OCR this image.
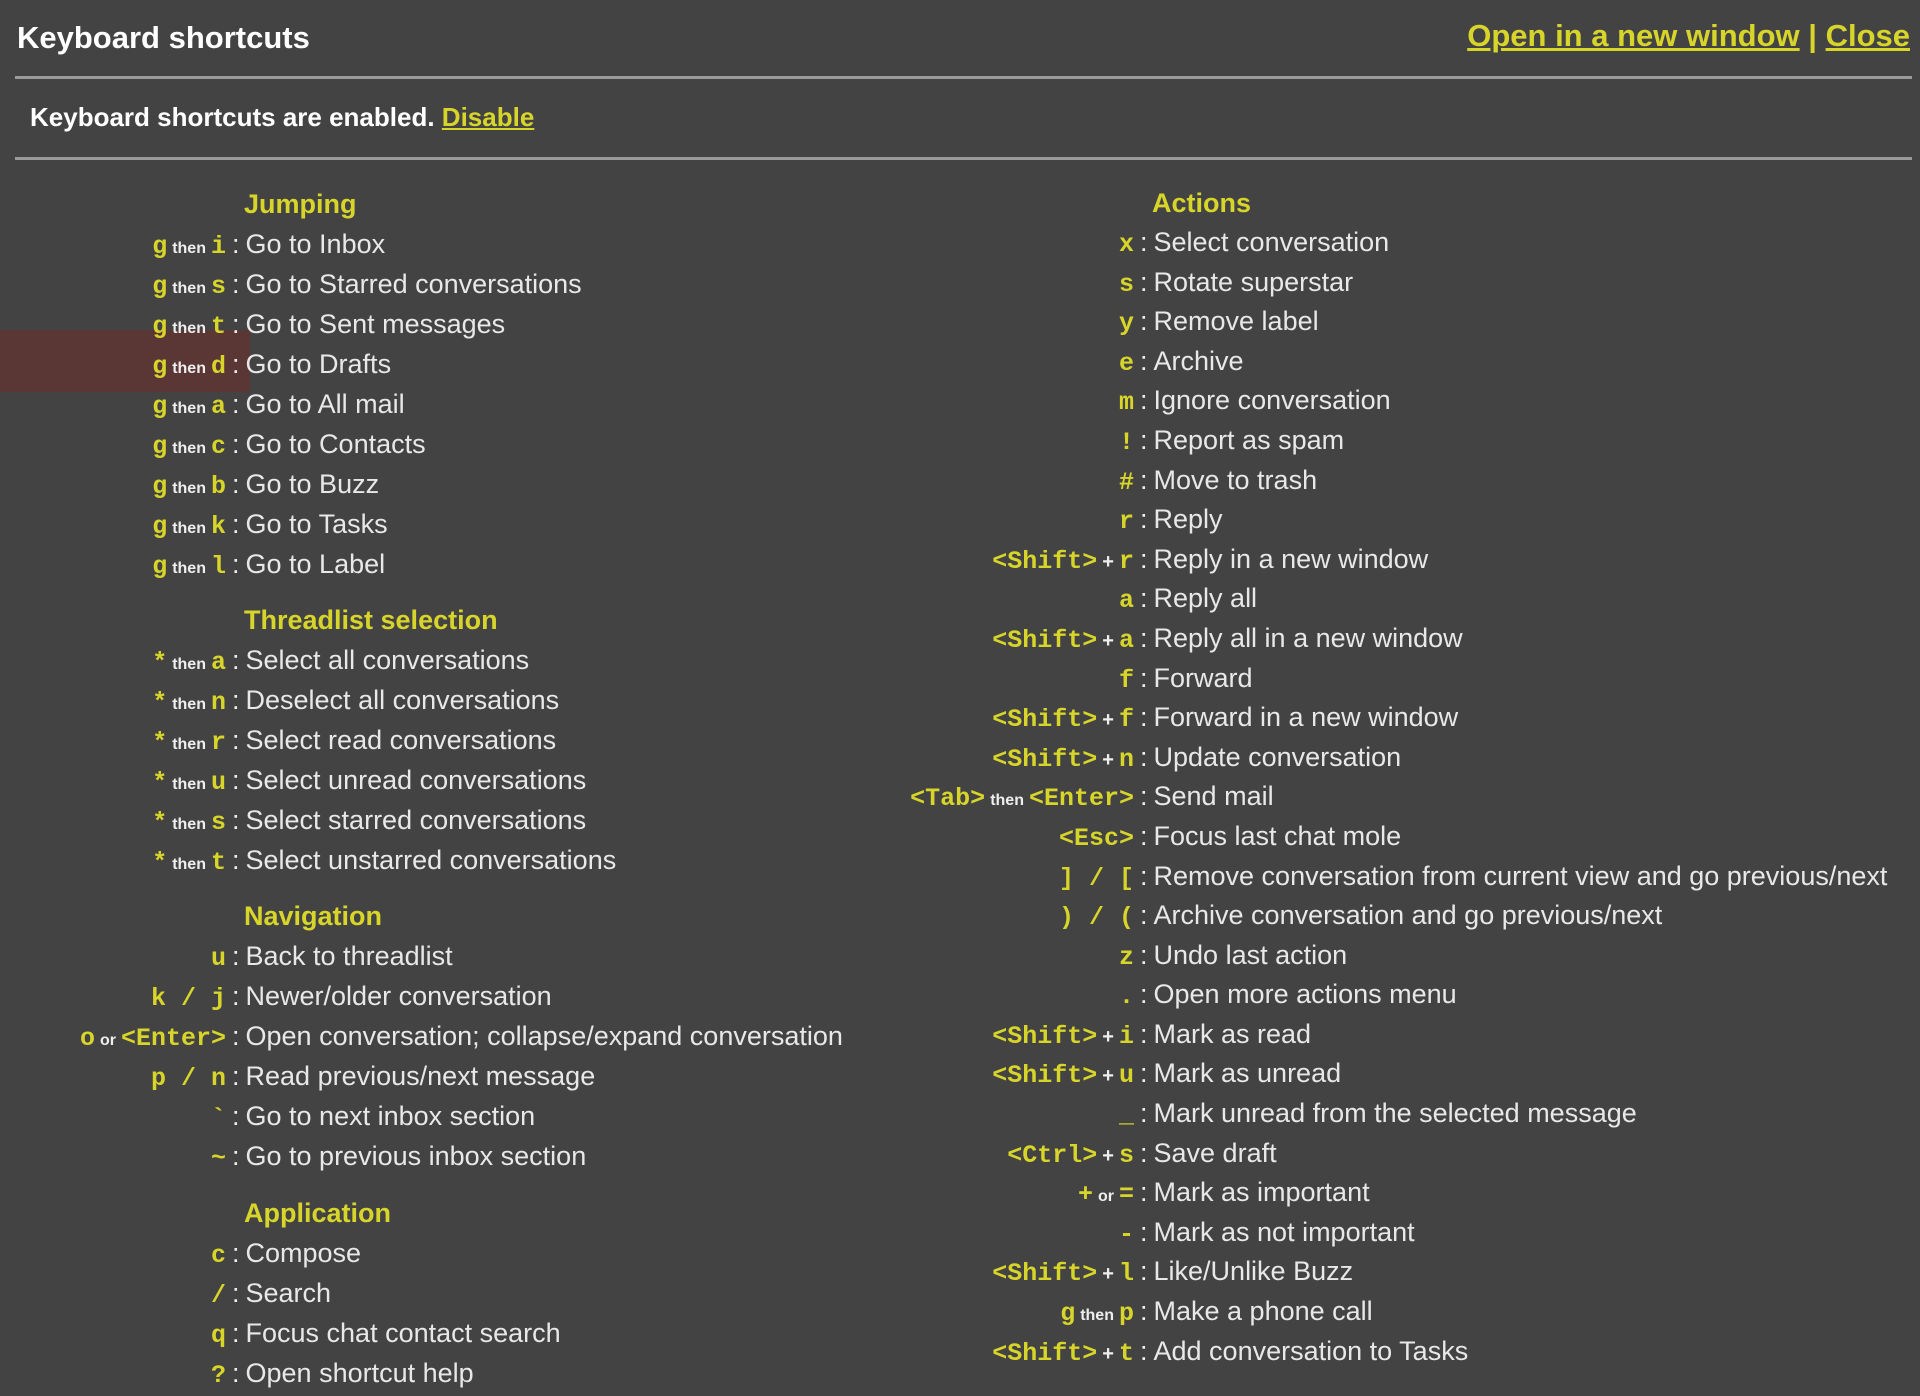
Keyboard shortcuts	Open in a new window | Close
Keyboard shortcuts are enabled. Disable
Jumping
gthen i : Go to Inbox
gthen s : Go to Starred conversations
gthen t : Go to Sent messages
gthen d : Go to Drafts
gthen a : Go to All mail
gthen c : Go to Contacts
gthen b : Go to Buzz
gthen k : Go to Tasks
gthen l : Go to Label
Threadlist selection
* then a : Select all conversations
* then n : Deselect all conversations
* then r : Select read conversations
* then u : Select unread conversations
* then s : Select starred conversations
* then t : Select unstarred conversations
Navigation
u : Back to threadlist
k / j : Newer/older conversation
oor <Enter> : Open conversation; collapse/expand conversation
p / n : Read previous/next message
` : Go to next inbox section
~ : Go to previous inbox section
Application
c : Compose
/ : Search
q : Focus chat contact search
? : Open shortcut help
Actions
x : Select conversation
s : Rotate superstar
y : Remove label
e : Archive
m : Ignore conversation
! : Report as spam
# : Move to trash
r : Reply
<Shift> + r : Reply in a new window
a : Reply all
<Shift> + a : Reply all in a new window
f : Forward
<Shift> + f : Forward in a new window
<Shift> + n : Update conversation
<Tab> then <Enter> : Send mail
<Esc> : Focus last chat mole
] / [ : Remove conversation from current view and go previous/next
) / ( : Archive conversation and go previous/next
z : Undo last action
. : Open more actions menu
<Shift> + i : Mark as read
<Shift> + u : Mark as unread
_ : Mark unread from the selected message
<Ctrl> + s : Save draft
+ or = : Mark as important
- : Mark as not important
<Shift> + l : Like/Unlike Buzz
gthen p : Make a phone call
<Shift> + t : Add conversation to Tasks
